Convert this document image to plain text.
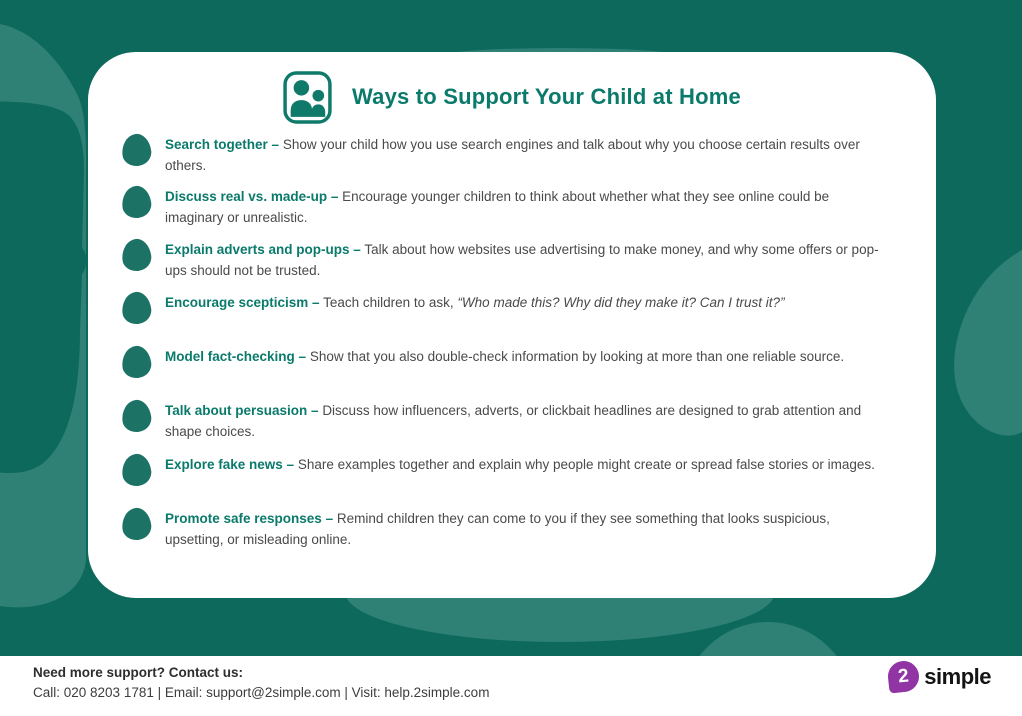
Ways to Support Your Child at Home
Search together – Show your child how you use search engines and talk about why you choose certain results over others.
Discuss real vs. made-up – Encourage younger children to think about whether what they see online could be imaginary or unrealistic.
Explain adverts and pop-ups – Talk about how websites use advertising to make money, and why some offers or pop-ups should not be trusted.
Encourage scepticism – Teach children to ask, “Who made this? Why did they make it? Can I trust it?”
Model fact-checking – Show that you also double-check information by looking at more than one reliable source.
Talk about persuasion – Discuss how influencers, adverts, or clickbait headlines are designed to grab attention and shape choices.
Explore fake news – Share examples together and explain why people might create or spread false stories or images.
Promote safe responses – Remind children they can come to you if they see something that looks suspicious, upsetting, or misleading online.
Need more support? Contact us:
Call: 020 8203 1781 | Email: support@2simple.com | Visit: help.2simple.com
2 simple
